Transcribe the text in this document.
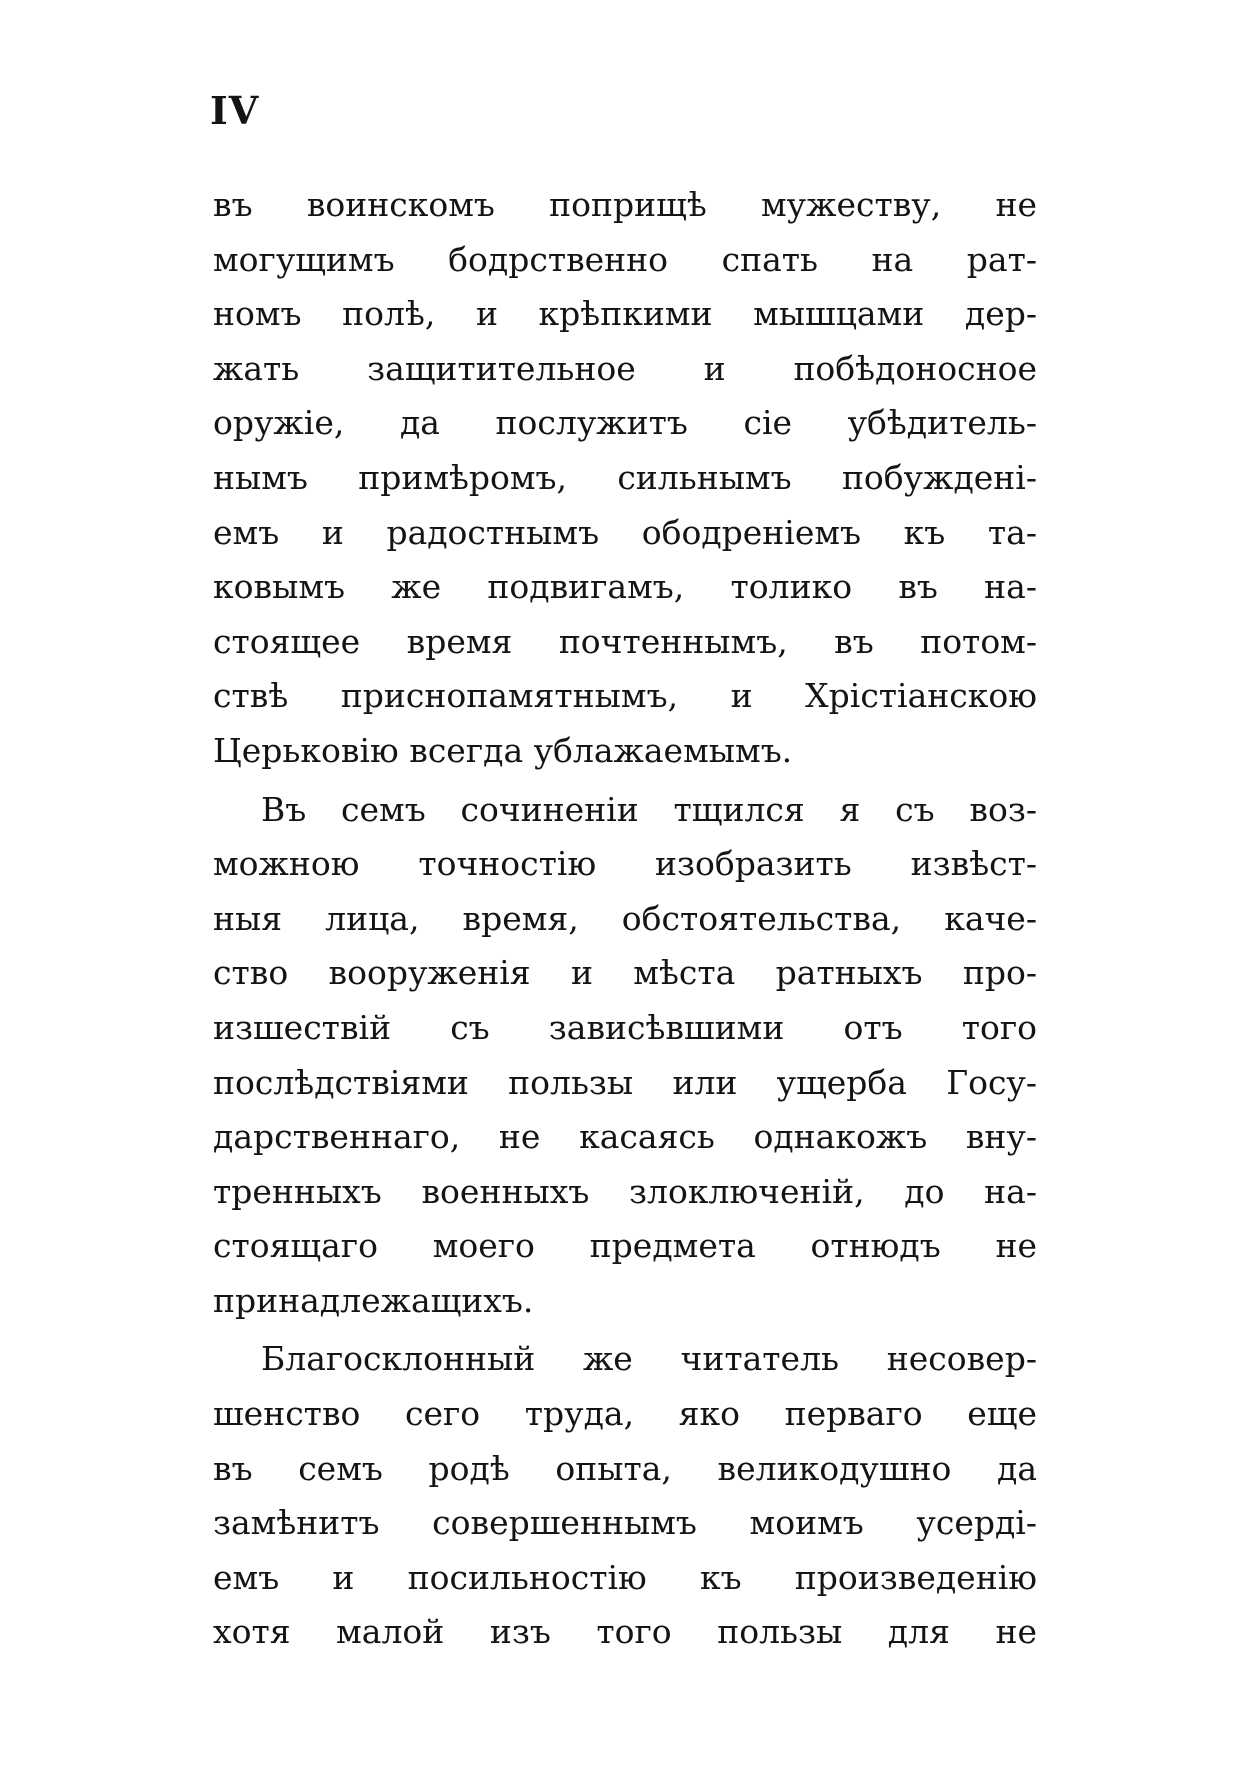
IV
въ воинскомъ поприщѣ мужеству, не
могущимъ бодрственно спать на рат-
номъ полѣ, и крѣпкими мышцами дер-
жать защитительное и побѣдоносное
оружіе, да послужитъ сіе убѣдитель-
нымъ примѣромъ, сильнымъ побужденi-
емъ и радостнымъ ободреніемъ къ та-
ковымъ же подвигамъ, толико въ на-
стоящее время почтеннымъ, въ потом-
ствѣ приснопамятнымъ, и Хрістіанскою
Церьковію всегда ублажаемымъ.
Въ семъ сочиненіи тщился я съ воз-
можною точностію изобразить извѣст-
ныя лица, время, обстоятельства, каче-
ство вооруженія и мѣста ратныхъ про-
изшествій съ зависѣвшими отъ того
послѣдствіями пользы или ущерба Госу-
дарственнаго, не касаясь однакожъ вну-
тренныхъ военныхъ злоключеній, до на-
стоящаго моего предмета отнюдъ не
принадлежащихъ.
Благосклонный же читатель несовер-
шенство сего труда, яко перваго еще
въ семъ родѣ опыта, великодушно да
замѣнитъ совершеннымъ моимъ усердi-
емъ и посильностію къ произведенію
хотя малой изъ того пользы для не
